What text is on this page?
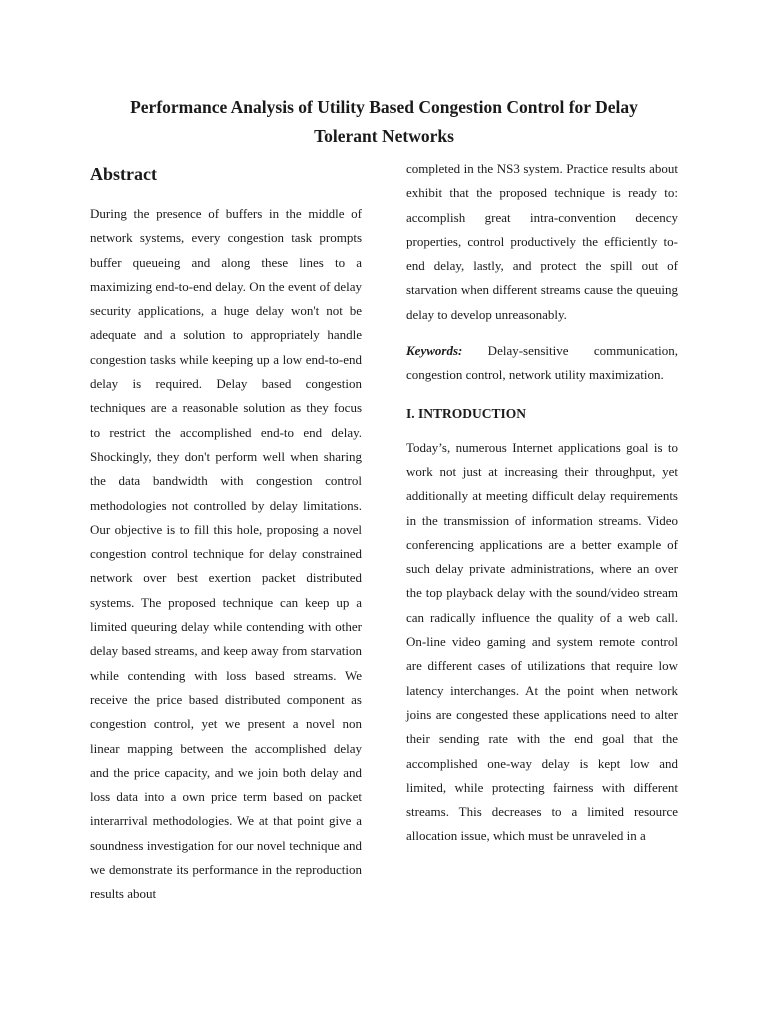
Performance Analysis of Utility Based Congestion Control for Delay
Tolerant Networks
Abstract

During the presence of buffers in the middle of network systems, every congestion task prompts buffer queueing and along these lines to a maximizing end-to-end delay. On the event of delay security applications, a huge delay won't not be adequate and a solution to appropriately handle congestion tasks while keeping up a low end-to-end delay is required. Delay based congestion techniques are a reasonable solution as they focus to restrict the accomplished end-to end delay. Shockingly, they don't perform well when sharing the data bandwidth with congestion control methodologies not controlled by delay limitations. Our objective is to fill this hole, proposing a novel congestion control technique for delay constrained network over best exertion packet distributed systems. The proposed technique can keep up a limited queuring delay while contending with other delay based streams, and keep away from starvation while contending with loss based streams. We receive the price based distributed component as congestion control, yet we present a novel non linear mapping between the accomplished delay and the price capacity, and we join both delay and loss data into a own price term based on packet interarrival methodologies. We at that point give a soundness investigation for our novel technique and we demonstrate its performance in the reproduction results about

completed in the NS3 system. Practice results about exhibit that the proposed technique is ready to: accomplish great intra-convention decency properties, control productively the efficiently to-end delay, lastly, and protect the spill out of starvation when different streams cause the queuing delay to develop unreasonably.

Keywords: Delay-sensitive communication, congestion control, network utility maximization.

I. INTRODUCTION

Today’s, numerous Internet applications goal is to work not just at increasing their throughput, yet additionally at meeting difficult delay requirements in the transmission of information streams. Video conferencing applications are a better example of such delay private administrations, where an over the top playback delay with the sound/video stream can radically influence the quality of a web call. On-line video gaming and system remote control are different cases of utilizations that require low latency interchanges. At the point when network joins are congested these applications need to alter their sending rate with the end goal that the accomplished one-way delay is kept low and limited, while protecting fairness with different streams. This decreases to a limited resource allocation issue, which must be unraveled in a
